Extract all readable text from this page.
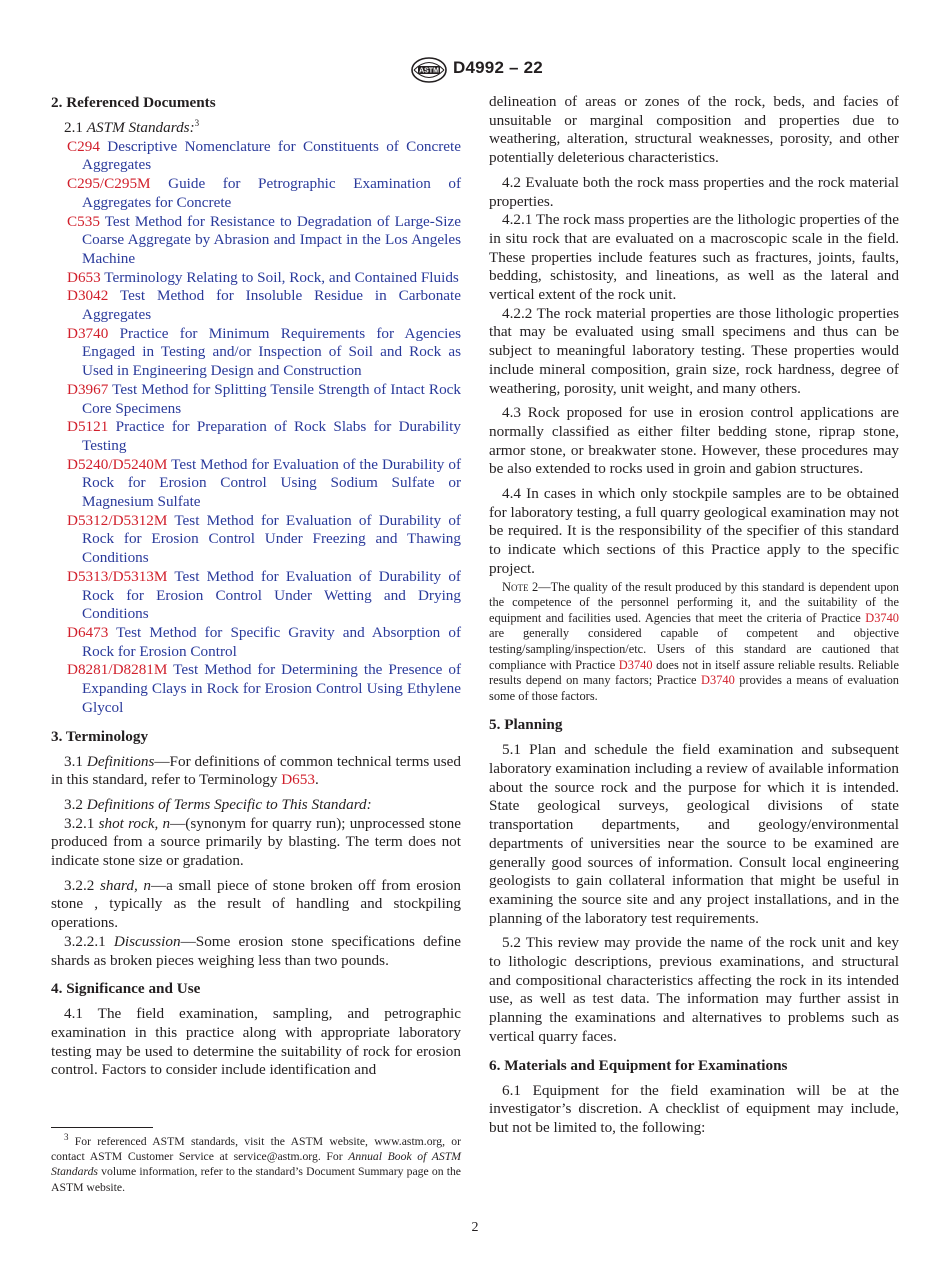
ASTM D4992 – 22
2. Referenced Documents

2.1 ASTM Standards:$^3$

C294 Descriptive Nomenclature for Constituents of Concrete Aggregates

C295/C295M Guide for Petrographic Examination of Aggregates for Concrete

C535 Test Method for Resistance to Degradation of Large-Size Coarse Aggregate by Abrasion and Impact in the Los Angeles Machine

D653 Terminology Relating to Soil, Rock, and Contained Fluids

D3042 Test Method for Insoluble Residue in Carbonate Aggregates

D3740 Practice for Minimum Requirements for Agencies Engaged in Testing and/or Inspection of Soil and Rock as Used in Engineering Design and Construction

D3967 Test Method for Splitting Tensile Strength of Intact Rock Core Specimens

D5121 Practice for Preparation of Rock Slabs for Durability Testing

D5240/D5240M Test Method for Evaluation of the Durability of Rock for Erosion Control Using Sodium Sulfate or Magnesium Sulfate

D5312/D5312M Test Method for Evaluation of Durability of Rock for Erosion Control Under Freezing and Thawing Conditions

D5313/D5313M Test Method for Evaluation of Durability of Rock for Erosion Control Under Wetting and Drying Conditions

D6473 Test Method for Specific Gravity and Absorption of Rock for Erosion Control

D8281/D8281M Test Method for Determining the Presence of Expanding Clays in Rock for Erosion Control Using Ethylene Glycol

3. Terminology

3.1 Definitions—For definitions of common technical terms used in this standard, refer to Terminology D653.

3.2 Definitions of Terms Specific to This Standard:

3.2.1 shot rock, n—(synonym for quarry run); unprocessed stone produced from a source primarily by blasting. The term does not indicate stone size or gradation.

3.2.2 shard, n—a small piece of stone broken off from erosion stone , typically as the result of handling and stockpiling operations.

3.2.2.1 Discussion—Some erosion stone specifications define shards as broken pieces weighing less than two pounds.

4. Significance and Use

4.1 The field examination, sampling, and petrographic examination in this practice along with appropriate laboratory testing may be used to determine the suitability of rock for erosion control. Factors to consider include identification and

delineation of areas or zones of the rock, beds, and facies of unsuitable or marginal composition and properties due to weathering, alteration, structural weaknesses, porosity, and other potentially deleterious characteristics.

4.2 Evaluate both the rock mass properties and the rock material properties.

4.2.1 The rock mass properties are the lithologic properties of the in situ rock that are evaluated on a macroscopic scale in the field. These properties include features such as fractures, joints, faults, bedding, schistosity, and lineations, as well as the lateral and vertical extent of the rock unit.

4.2.2 The rock material properties are those lithologic properties that may be evaluated using small specimens and thus can be subject to meaningful laboratory testing. These properties would include mineral composition, grain size, rock hardness, degree of weathering, porosity, unit weight, and many others.

4.3 Rock proposed for use in erosion control applications are normally classified as either filter bedding stone, riprap stone, armor stone, or breakwater stone. However, these procedures may be also extended to rocks used in groin and gabion structures.

4.4 In cases in which only stockpile samples are to be obtained for laboratory testing, a full quarry geological examination may not be required. It is the responsibility of the specifier of this standard to indicate which sections of this Practice apply to the specific project.

Note 2—The quality of the result produced by this standard is dependent upon the competence of the personnel performing it, and the suitability of the equipment and facilities used. Agencies that meet the criteria of Practice D3740 are generally considered capable of competent and objective testing/sampling/inspection/etc. Users of this standard are cautioned that compliance with Practice D3740 does not in itself assure reliable results. Reliable results depend on many factors; Practice D3740 provides a means of evaluation some of those factors.

5. Planning

5.1 Plan and schedule the field examination and subsequent laboratory examination including a review of available information about the source rock and the purpose for which it is intended. State geological surveys, geological divisions of state transportation departments, and geology/environmental departments of universities near the source to be examined are generally good sources of information. Consult local engineering geologists to gain collateral information that might be useful in examining the source site and any project installations, and in the planning of the laboratory test requirements.

5.2 This review may provide the name of the rock unit and key to lithologic descriptions, previous examinations, and structural and compositional characteristics affecting the rock in its intended use, as well as test data. The information may further assist in planning the examinations and alternatives to problems such as vertical quarry faces.

6. Materials and Equipment for Examinations

6.1 Equipment for the field examination will be at the investigator’s discretion. A checklist of equipment may include, but not be limited to, the following:

$^3$ For referenced ASTM standards, visit the ASTM website, www.astm.org, or contact ASTM Customer Service at service@astm.org. For Annual Book of ASTM Standards volume information, refer to the standard’s Document Summary page on the ASTM website.

2
